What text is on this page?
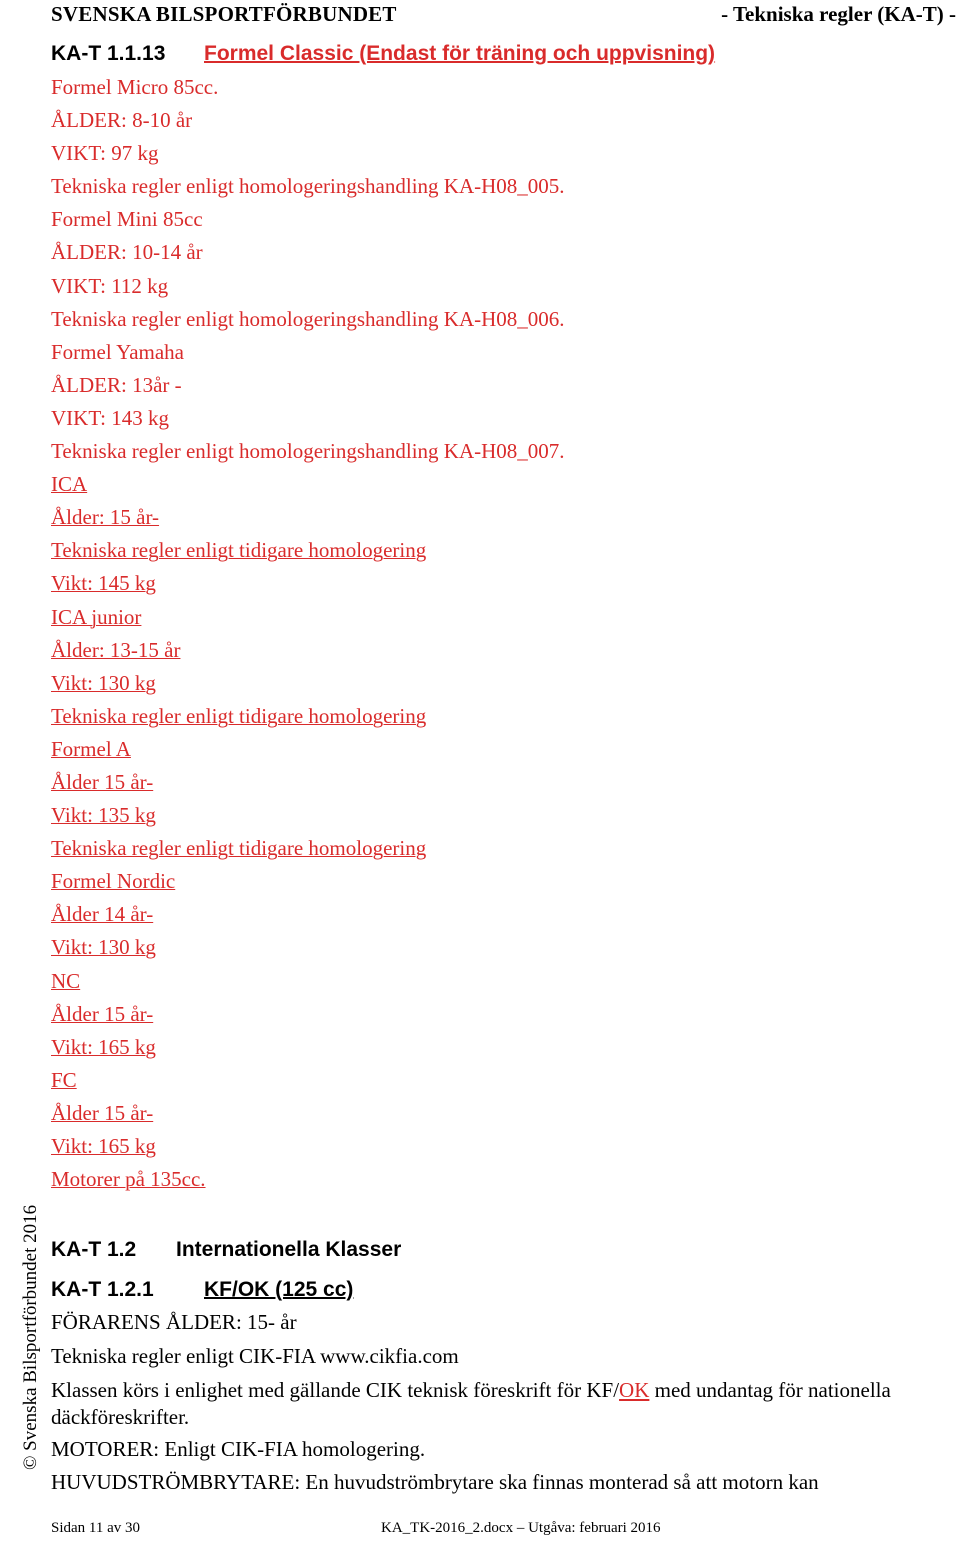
SVENSKA BILSPORTFÖRBUNDET	- Tekniska regler (KA-T) -
© Svenska Bilsportförbundet 2016
KA-T 1.1.13 Formel Classic (Endast för träning och uppvisning)
Formel Micro 85cc.
ÅLDER: 8-10 år
VIKT: 97 kg
Tekniska regler enligt homologeringshandling KA-H08_005.
Formel Mini 85cc
ÅLDER: 10-14 år
VIKT: 112 kg
Tekniska regler enligt homologeringshandling KA-H08_006.
Formel Yamaha
ÅLDER: 13år -
VIKT: 143 kg
Tekniska regler enligt homologeringshandling KA-H08_007.
ICA
Ålder: 15 år-
Tekniska regler enligt tidigare homologering
Vikt: 145 kg
ICA junior
Ålder: 13-15 år
Vikt: 130 kg
Tekniska regler enligt tidigare homologering
Formel A
Ålder 15 år-
Vikt: 135 kg
Tekniska regler enligt tidigare homologering
Formel Nordic
Ålder 14 år-
Vikt: 130 kg
NC
Ålder 15 år-
Vikt: 165 kg
FC
Ålder 15 år-
Vikt: 165 kg
Motorer på 135cc.
KA-T 1.2 Internationella Klasser
KA-T 1.2.1 KF/OK (125 cc)
FÖRARENS ÅLDER: 15- år
Tekniska regler enligt CIK-FIA www.cikfia.com
Klassen körs i enlighet med gällande CIK teknisk föreskrift för KF/OK med undantag för nationella däckföreskrifter.
MOTORER: Enligt CIK-FIA homologering.
HUVUDSTRÖMBRYTARE: En huvudströmbrytare ska finnas monterad så att motorn kan
Sidan 11 av 30	KA_TK-2016_2.docx – Utgåva: februari 2016
